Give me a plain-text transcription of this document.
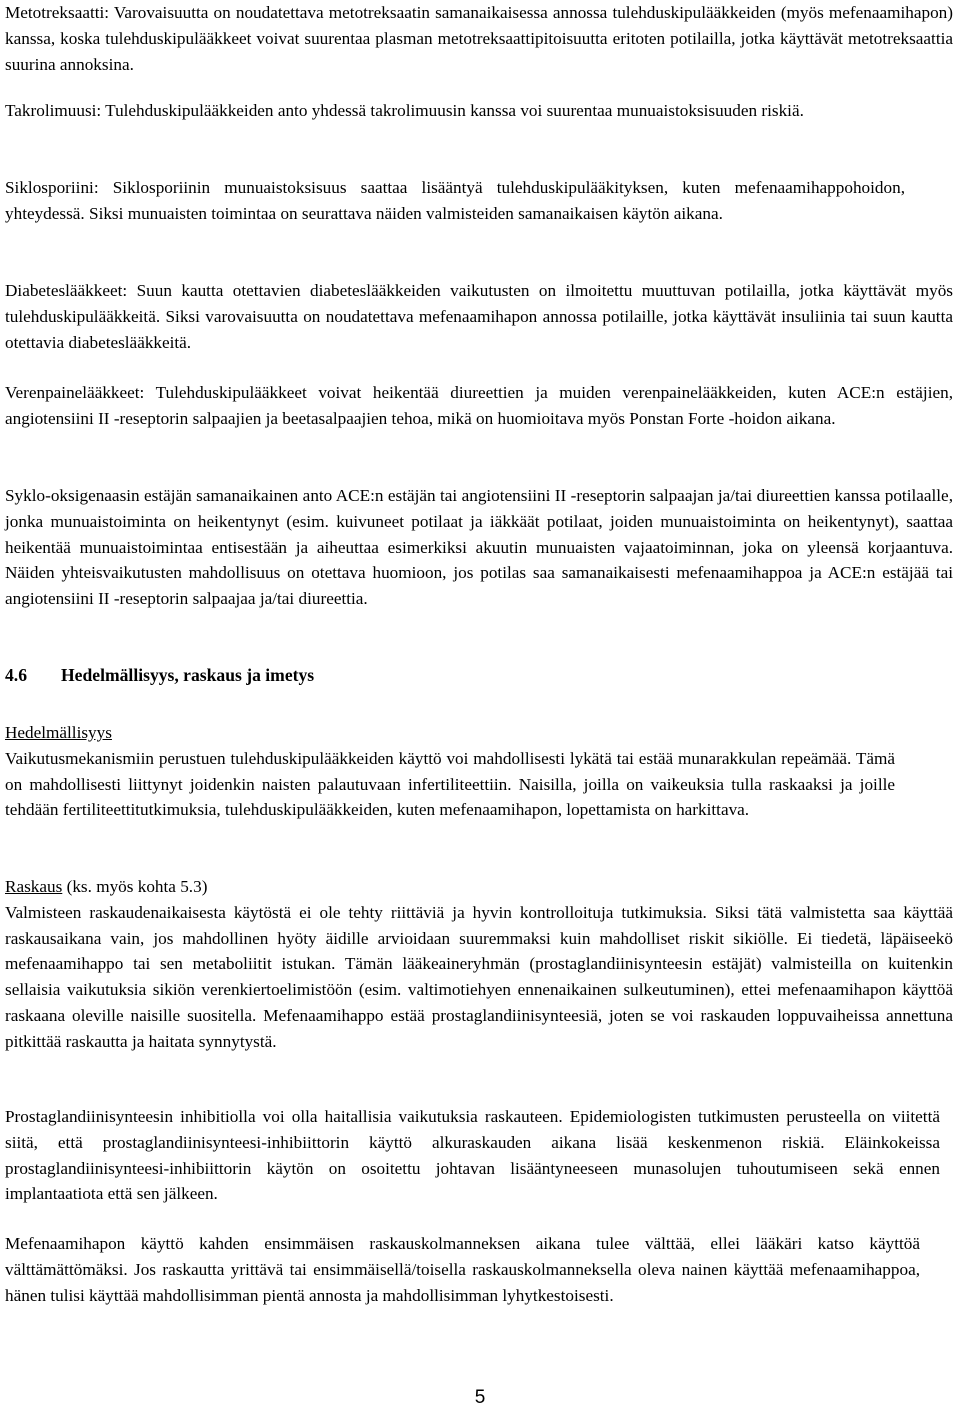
Metotreksaatti: Varovaisuutta on noudatettava metotreksaatin samanaikaisessa annossa tulehduskipulääkkeiden (myös mefenaamihapon) kanssa, koska tulehduskipulääkkeet voivat suurentaa plasman metotreksaattipitoisuutta eritoten potilailla, jotka käyttävät metotreksaattia suurina annoksina.

Takrolimuusi: Tulehduskipulääkkeiden anto yhdessä takrolimuusin kanssa voi suurentaa munuaistoksisuuden riskiä.

Siklosporiini: Siklosporiinin munuaistoksisuus saattaa lisääntyä tulehduskipulääkityksen, kuten mefenaamihappohoidon, yhteydessä. Siksi munuaisten toimintaa on seurattava näiden valmisteiden samanaikaisen käytön aikana.

Diabeteslääkkeet: Suun kautta otettavien diabeteslääkkeiden vaikutusten on ilmoitettu muuttuvan potilailla, jotka käyttävät myös tulehduskipulääkkeitä. Siksi varovaisuutta on noudatettava mefenaamihapon annossa potilaille, jotka käyttävät insuliinia tai suun kautta otettavia diabeteslääkkeitä.

Verenpainelääkkeet: Tulehduskipulääkkeet voivat heikentää diureettien ja muiden verenpainelääkkeiden, kuten ACE:n estäjien, angiotensiini II -reseptorin salpaajien ja beetasalpaajien tehoa, mikä on huomioitava myös Ponstan Forte -hoidon aikana.

Syklo-oksigenaasin estäjän samanaikainen anto ACE:n estäjän tai angiotensiini II -reseptorin salpaajan ja/tai diureettien kanssa potilaalle, jonka munuaistoiminta on heikentynyt (esim. kuivuneet potilaat ja iäkkäät potilaat, joiden munuaistoiminta on heikentynyt), saattaa heikentää munuaistoimintaa entisestään ja aiheuttaa esimerkiksi akuutin munuaisten vajaatoiminnan, joka on yleensä korjaantuva. Näiden yhteisvaikutusten mahdollisuus on otettava huomioon, jos potilas saa samanaikaisesti mefenaamihappoa ja ACE:n estäjää tai angiotensiini II -reseptorin salpaajaa ja/tai diureettia.

4.6 Hedelmällisyys, raskaus ja imetys

Hedelmällisyys

Vaikutusmekanismiin perustuen tulehduskipulääkkeiden käyttö voi mahdollisesti lykätä tai estää munarakkulan repeämää. Tämä on mahdollisesti liittynyt joidenkin naisten palautuvaan infertiliteettiin. Naisilla, joilla on vaikeuksia tulla raskaaksi ja joille tehdään fertiliteettitutkimuksia, tulehduskipulääkkeiden, kuten mefenaamihapon, lopettamista on harkittava.

Raskaus (ks. myös kohta 5.3)

Valmisteen raskaudenaikaisesta käytöstä ei ole tehty riittäviä ja hyvin kontrolloituja tutkimuksia. Siksi tätä valmistetta saa käyttää raskausaikana vain, jos mahdollinen hyöty äidille arvioidaan suuremmaksi kuin mahdolliset riskit sikiölle. Ei tiedetä, läpäiseekö mefenaamihappo tai sen metaboliitit istukan. Tämän lääkeaineryhmän (prostaglandiinisynteesin estäjät) valmisteilla on kuitenkin sellaisia vaikutuksia sikiön verenkiertoelimistöön (esim. valtimotiehyen ennenaikainen sulkeutuminen), ettei mefenaamihapon käyttöä raskaana oleville naisille suositella. Mefenaamihappo estää prostaglandiinisynteesiä, joten se voi raskauden loppuvaiheissa annettuna pitkittää raskautta ja haitata synnytystä.

Prostaglandiinisynteesin inhibitiolla voi olla haitallisia vaikutuksia raskauteen. Epidemiologisten tutkimusten perusteella on viitettä siitä, että prostaglandiinisynteesi-inhibiittorin käyttö alkuraskauden aikana lisää keskenmenon riskiä. Eläinkokeissa prostaglandiinisynteesi-inhibiittorin käytön on osoitettu johtavan lisääntyneeseen munasolujen tuhoutumiseen sekä ennen implantaatiota että sen jälkeen.

Mefenaamihapon käyttö kahden ensimmäisen raskauskolmanneksen aikana tulee välttää, ellei lääkäri katso käyttöä välttämättömäksi. Jos raskautta yrittävä tai ensimmäisellä/toisella raskauskolmanneksella oleva nainen käyttää mefenaamihappoa, hänen tulisi käyttää mahdollisimman pientä annosta ja mahdollisimman lyhytkestoisesti.

5
